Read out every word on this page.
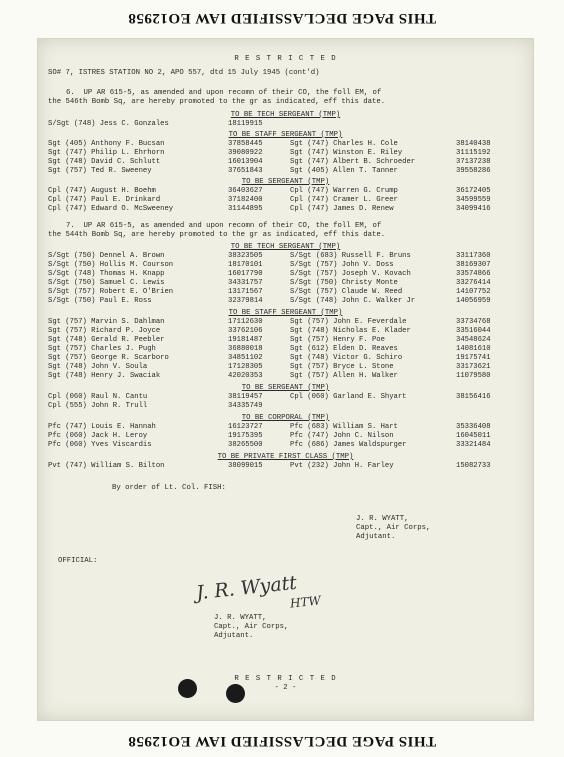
THIS PAGE DECLASSIFIED IAW EO12958
R E S T R I C T E D
SO# 7, ISTRES STATION NO 2, APO 557, dtd 15 July 1945 (cont'd)
6.  UP AR 615-5, as amended and upon recomn of their CO, the foll EM, of
the 546th Bomb Sq, are hereby promoted to the gr as indicated, eff this date.
TO BE TECH SERGEANT (TMP)
S/Sgt (748) Jess C. Gonzales	18119915
TO BE STAFF SERGEANT (TMP)
Sgt (405) Anthony F. Bucsan	37858445	Sgt (747) Charles H. Cole	38140438
Sgt (747) Philip L. Ehrhorn	39080922	Sgt (747) Winston E. Riley	31115192
Sgt (748) David C. Schlutt	16013904	Sgt (747) Albert B. Schroeder	37137238
Sgt (757) Ted R. Sweeney	37651843	Sgt (405) Allen T. Tanner	39558286
TO BE SERGEANT (TMP)
Cpl (747) August H. Boehm	36403627	Cpl (747) Warren G. Crump	36172405
Cpl (747) Paul E. Drinkard	37182400	Cpl (747) Cramer L. Greer	34599559
Cpl (747) Edward O. McSweeney	31144895	Cpl (747) James D. Renew	34099416
7.  UP AR 615-5, as amended and upon recomn of their CO, the foll EM, of
the 544th Bomb Sq, are hereby promoted to the gr as indicated, eff this date.
TO BE TECH SERGEANT (TMP)
S/Sgt (750) Dennel A. Brown	38323505	S/Sgt (683) Russell F. Bruns	33117360
S/Sgt (750) Hollis M. Courson	18170101	S/Sgt (757) John V. Doss	38169307
S/Sgt (748) Thomas H. Knapp	16017790	S/Sgt (757) Joseph V. Kovach	33574866
S/Sgt (750) Samuel C. Lewis	34331757	S/Sgt (750) Christy Monte	33276414
S/Sgt (757) Robert E. O'Brien	13171567	S/Sgt (757) Claude W. Reed	14107752
S/Sgt (750) Paul E. Ross	32379814	S/Sgt (748) John C. Walker Jr	14056959
TO BE STAFF SERGEANT (TMP)
Sgt (757) Marvin S. Dahlman	17112630	Sgt (757) John E. Feverdale	33734768
Sgt (757) Richard P. Joyce	33762106	Sgt (748) Nicholas E. Klader	33516044
Sgt (748) Gerald R. Peebler	19181487	Sgt (757) Henry F. Poe	34548624
Sgt (757) Charles J. Pugh	36880018	Sgt (612) Elden D. Reaves	14081610
Sgt (757) George R. Scarboro	34851102	Sgt (748) Victor G. Schiro	19175741
Sgt (748) John V. Soula	17128305	Sgt (757) Bryce L. Stone	33173621
Sgt (748) Henry J. Swaciak	42020353	Sgt (757) Allen H. Walker	11079580
TO BE SERGEANT (TMP)
Cpl (060) Raul N. Cantu	38119457	Cpl (060) Garland E. Shyart	38156416
Cpl (555) John R. Trull	34335749
TO BE CORPORAL (TMP)
Pfc (747) Louis E. Hannah	16123727	Pfc (683) William S. Hart	35336408
Pfc (060) Jack H. Leroy	19175395	Pfc (747) John C. Nilson	16045011
Pfc (060) Yves Viscardis	38265500	Pfc (686) James Waldspurger	33321484
TO BE PRIVATE FIRST CLASS (TMP)
Pvt (747) William S. Bilton	38099015	Pvt (232) John H. Farley	15082733
By order of Lt. Col. FISH:
J. R. WYATT,
Capt., Air Corps,
Adjutant.
OFFICIAL:
J. R. Wyatt
HTW
J. R. WYATT,
Capt., Air Corps,
Adjutant.
R E S T R I C T E D
- 2 -
THIS PAGE DECLASSIFIED IAW EO12958
